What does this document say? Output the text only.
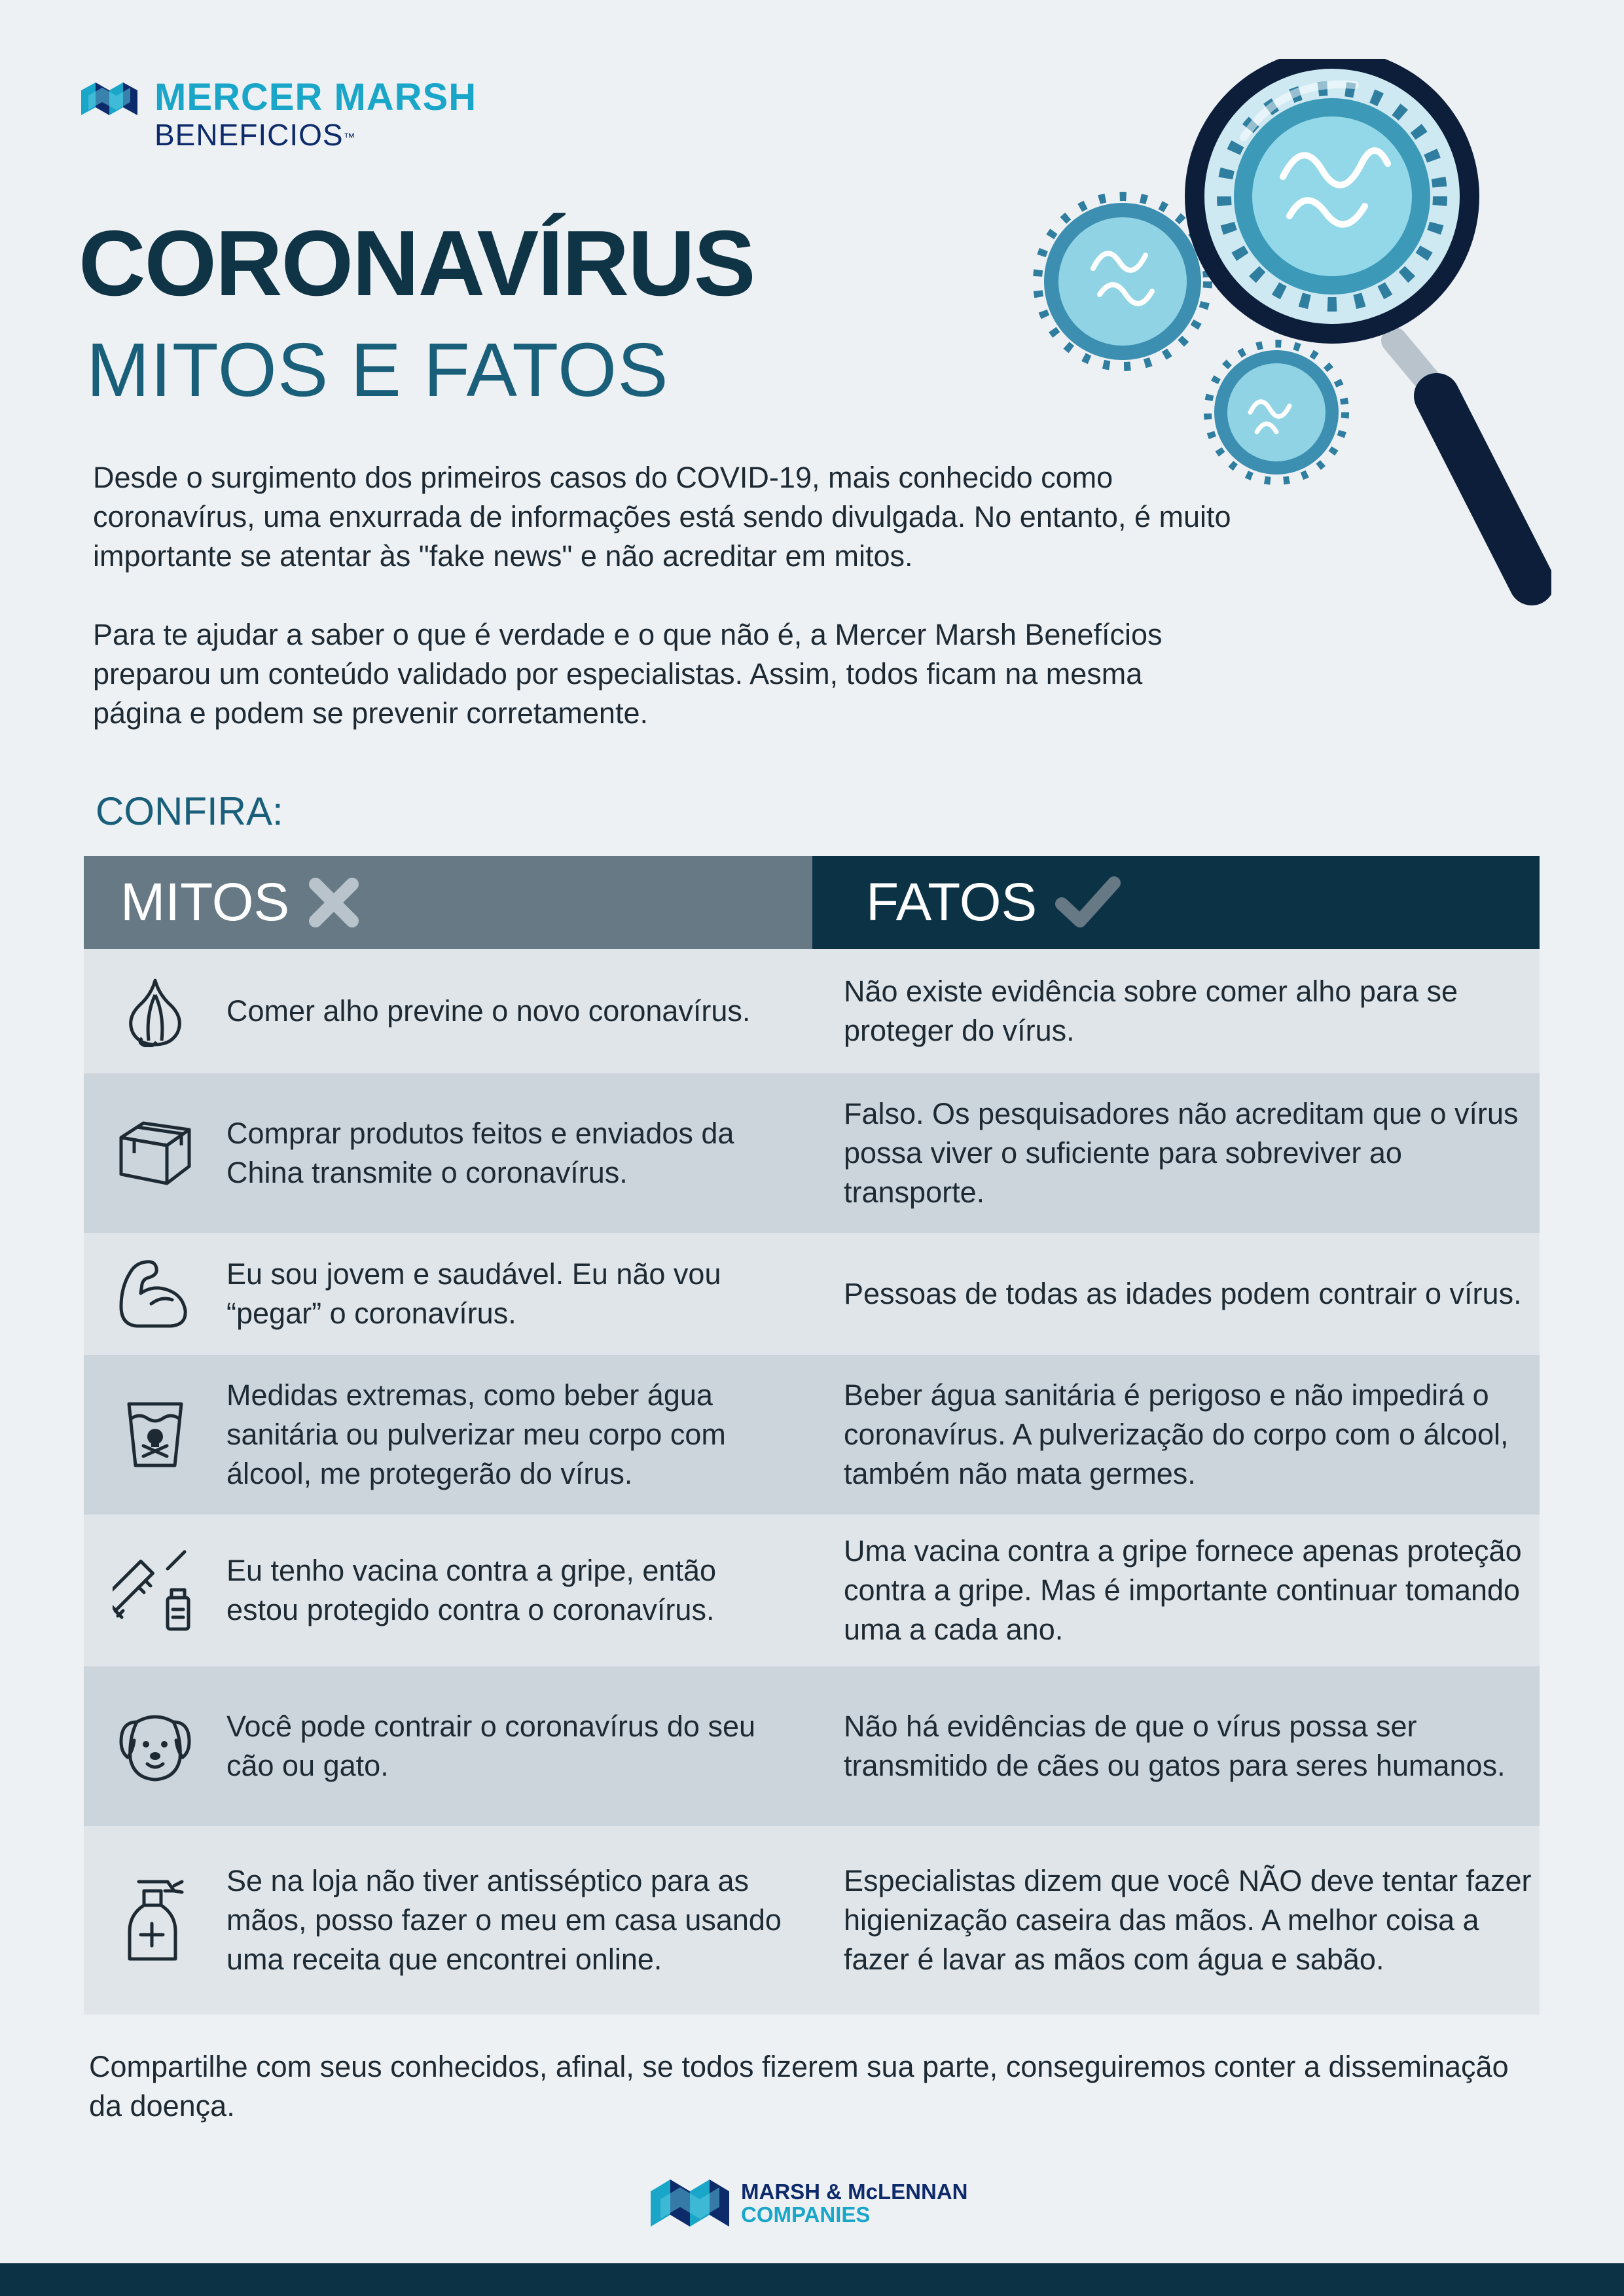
MERCER MARSH
BENEFICIOS™
CORONAVÍRUS
MITOS E FATOS

Desde o surgimento dos primeiros casos do COVID-19, mais conhecido como coronavírus, uma enxurrada de informações está sendo divulgada. No entanto, é muito importante se atentar às "fake news" e não acreditar em mitos.

Para te ajudar a saber o que é verdade e o que não é, a Mercer Marsh Benefícios preparou um conteúdo validado por especialistas. Assim, todos ficam na mesma página e podem se prevenir corretamente.

CONFIRA:
MITOS	FATOS
Comer alho previne o novo coronavírus.
Não existe evidência sobre comer alho para se proteger do vírus.
Comprar produtos feitos e enviados da China transmite o coronavírus.
Falso. Os pesquisadores não acreditam que o vírus possa viver o suficiente para sobreviver ao transporte.
Eu sou jovem e saudável. Eu não vou “pegar” o coronavírus.
Pessoas de todas as idades podem contrair o vírus.
Medidas extremas, como beber água sanitária ou pulverizar meu corpo com álcool, me protegerão do vírus.
Beber água sanitária é perigoso e não impedirá o coronavírus. A pulverização do corpo com o álcool, também não mata germes.
Eu tenho vacina contra a gripe, então estou protegido contra o coronavírus.
Uma vacina contra a gripe fornece apenas proteção contra a gripe. Mas é importante continuar tomando uma a cada ano.
Você pode contrair o coronavírus do seu cão ou gato.
Não há evidências de que o vírus possa ser transmitido de cães ou gatos para seres humanos.
Se na loja não tiver antisséptico para as mãos, posso fazer o meu em casa usando uma receita que encontrei online.
Especialistas dizem que você NÃO deve tentar fazer higienização caseira das mãos. A melhor coisa a fazer é lavar as mãos com água e sabão.

Compartilhe com seus conhecidos, afinal, se todos fizerem sua parte, conseguiremos conter a disseminação da doença.

MARSH & McLENNAN
COMPANIES
